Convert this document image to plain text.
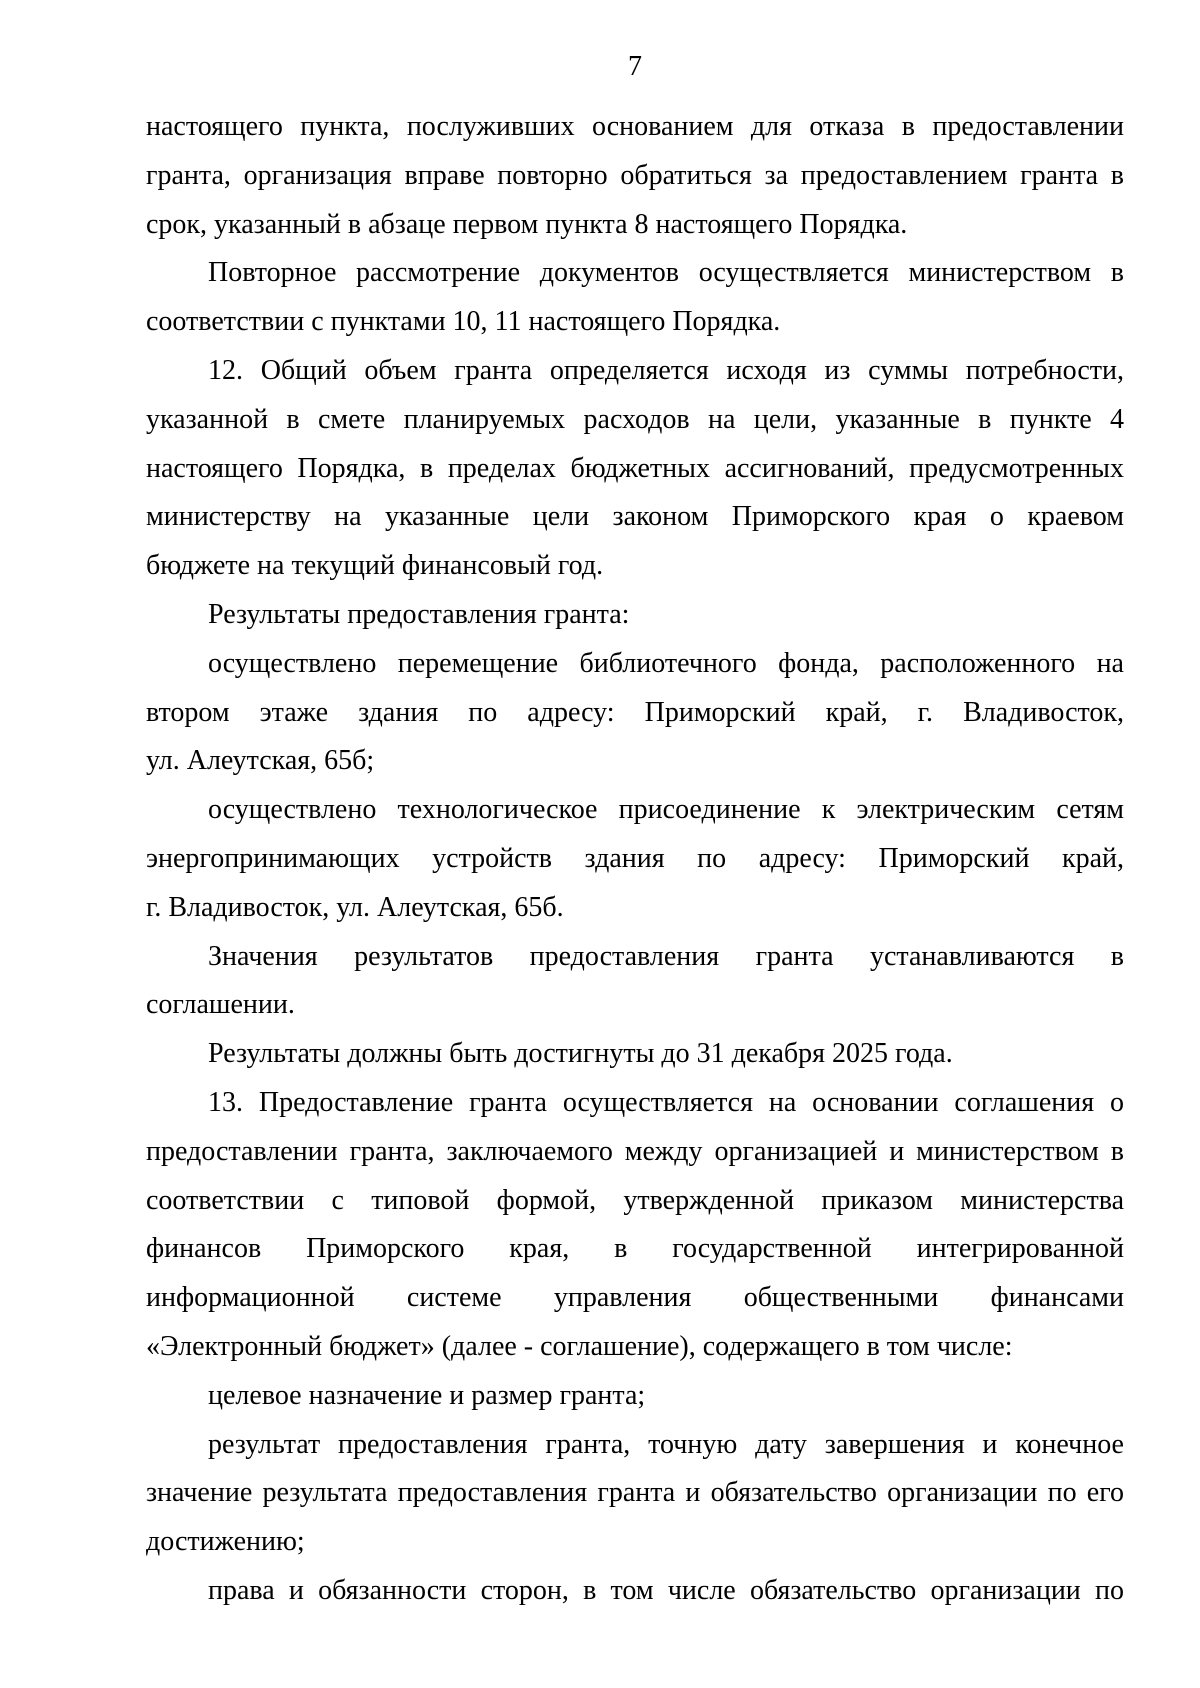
7
настоящего пункта, послуживших основанием для отказа в предоставлении
гранта, организация вправе повторно обратиться за предоставлением гранта в
срок, указанный в абзаце первом пункта 8 настоящего Порядка.
Повторное рассмотрение документов осуществляется министерством в
соответствии с пунктами 10, 11 настоящего Порядка.
12. Общий объем гранта определяется исходя из суммы потребности,
указанной в смете планируемых расходов на цели, указанные в пункте 4
настоящего Порядка, в пределах бюджетных ассигнований, предусмотренных
министерству на указанные цели законом Приморского края о краевом
бюджете на текущий финансовый год.
Результаты предоставления гранта:
осуществлено перемещение библиотечного фонда, расположенного на
втором этаже здания по адресу: Приморский край, г. Владивосток,
ул. Алеутская, 65б;
осуществлено технологическое присоединение к электрическим сетям
энергопринимающих устройств здания по адресу: Приморский край,
г. Владивосток, ул. Алеутская, 65б.
Значения результатов предоставления гранта устанавливаются в
соглашении.
Результаты должны быть достигнуты до 31 декабря 2025 года.
13. Предоставление гранта осуществляется на основании соглашения о
предоставлении гранта, заключаемого между организацией и министерством в
соответствии с типовой формой, утвержденной приказом министерства
финансов Приморского края, в государственной интегрированной
информационной системе управления общественными финансами
«Электронный бюджет» (далее - соглашение), содержащего в том числе:
целевое назначение и размер гранта;
результат предоставления гранта, точную дату завершения и конечное
значение результата предоставления гранта и обязательство организации по его
достижению;
права и обязанности сторон, в том числе обязательство организации по
